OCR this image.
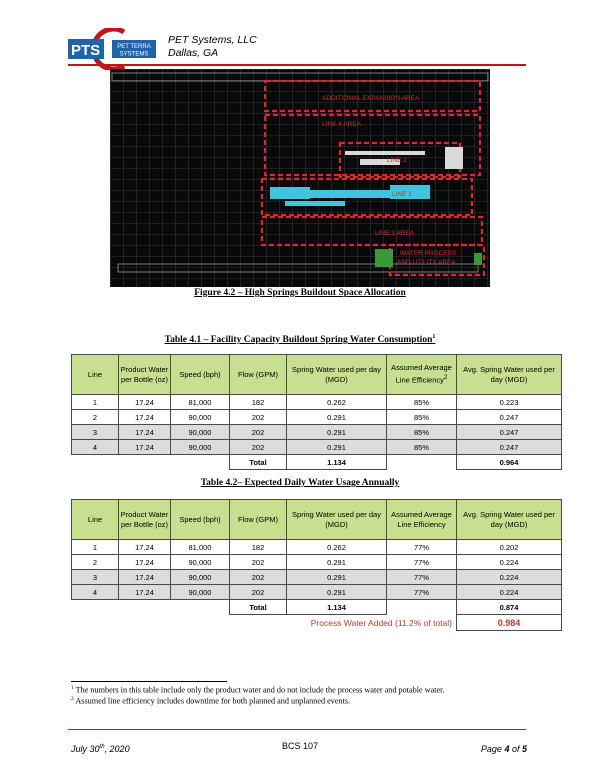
PTS	PET TERRA
SYSTEMS
PET Systems, LLC
Dallas, GA
ADDITIONAL EXPANSION AREA
LINE 4 AREA
LINE 2
LINE 1
LINE 3 AREA
WATER PROCESS
AND UTILITY AREA
Figure 4.2 – High Springs Buildout Space Allocation
Table 4.1 – Facility Capacity Buildout Spring Water Consumption$^1$
Line	Product Water per Bottle (oz)	Speed (bph)	Flow (GPM)	Spring Water used per day (MGD)	Assumed Average Line Efficiency$^2$	Avg. Spring Water used per day (MGD)
1	17.24	81,000	182	0.262	85%	0.223
2	17.24	90,000	202	0.291	85%	0.247
3	17.24	90,000	202	0.291	85%	0.247
4	17.24	90,000	202	0.291	85%	0.247
			Total	1.134		0.964
Table 4.2– Expected Daily Water Usage Annually
Line	Product Water per Bottle (oz)	Speed (bph)	Flow (GPM)	Spring Water used per day (MGD)	Assumed Average Line Efficiency	Avg. Spring Water used per day (MGD)
1	17.24	81,000	182	0.262	77%	0.202
2	17.24	90,000	202	0.291	77%	0.224
3	17.24	90,000	202	0.291	77%	0.224
4	17.24	90,000	202	0.291	77%	0.224
			Total	1.134		0.874
			Process Water Added (11.2% of total)			0.984
$^1$ The numbers in this table include only the product water and do not include the process water and potable water.
$^2$ Assumed line efficiency includes downtime for both planned and unplanned events.
July 30th, 2020	BCS 107	Page 4 of 5
